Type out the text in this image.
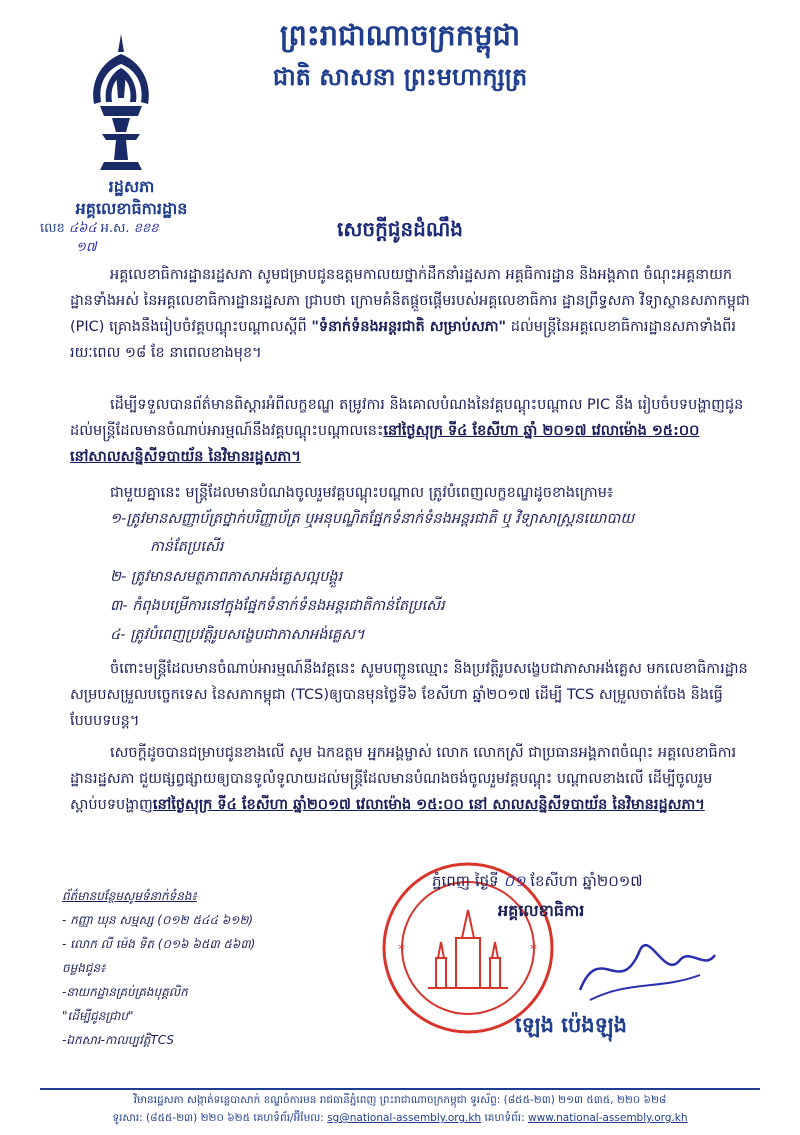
ព្រះរាជាណាចក្រកម្ពុជា
ជាតិ សាសនា ព្រះមហាក្សត្រ
រដ្ឋសភា
អគ្គលេខាធិការដ្ឋាន
លេខ ៤៦៤ អ.ស. ខខខ
១៧
សេចក្តីជូនដំណឹង
អគ្គលេខាធិការដ្ឋានរដ្ឋសភា សូមជម្រាបជូនឧត្តមកាលយថ្នាក់ដឹកនាំរដ្ឋសភា អគ្គធិការដ្ឋាន និងអង្គភាព ចំណុះអគ្គនាយកដ្ឋានទាំងអស់ នៃអគ្គលេខាធិការដ្ឋានរដ្ឋសភា ជ្រាបថា ក្រោមគំនិតផ្តួចផ្តើមរបស់អគ្គលេខាធិការ ដ្ឋានព្រឹទ្ធសភា វិទ្យាស្ថានសភាកម្ពុជា (PIC) គ្រោងនឹងរៀបចំវគ្គបណ្តុះបណ្តាលស្តីពី "ទំនាក់ទំនងអន្តរជាតិ សម្រាប់សភា" ដល់មន្ត្រីនៃអគ្គលេខាធិការដ្ឋានសភាទាំងពីរ រយៈពេល ១៨ ខែ នាពេលខាងមុខ។
ដើម្បីទទួលបានព័ត៌មានពិស្តារអំពីលក្ខខណ្ឌ តម្រូវការ និងគោលបំណងនៃវគ្គបណ្តុះបណ្តាល PIC នឹង រៀបចំបទបង្ហាញជូនដល់មន្ត្រីដែលមានចំណាប់អារម្មណ៍នឹងវគ្គបណ្តុះបណ្តាលនេះនៅថ្ងៃសុក្រ ទី៤ ខែសីហា ឆ្នាំ ២០១៧ វេលាម៉ោង ១៥:០០ នៅសាលសន្និសីទបាយ័ន នៃវិមានរដ្ឋសភា។
ជាមួយគ្នានេះ មន្ត្រីដែលមានបំណងចូលរួមវគ្គបណ្តុះបណ្តាល ត្រូវបំពេញលក្ខខណ្ឌដូចខាងក្រោម៖
១-ត្រូវមានសញ្ញាប័ត្រថ្នាក់បរិញ្ញាប័ត្រ ឬអនុបណ្ឌិតផ្នែកទំនាក់ទំនងអន្តរជាតិ ឬ វិទ្យាសាស្ត្រនយោបាយ
កាន់តែប្រសើរ
២- ត្រូវមានសមត្ថភាពភាសាអង់គ្លេសល្អបង្គួរ
៣- កំពុងបម្រើការនៅក្នុងផ្នែកទំនាក់ទំនងអន្តរជាតិកាន់តែប្រសើរ
៤- ត្រូវបំពេញប្រវត្តិរូបសង្ខេបជាភាសាអង់គ្លេស។
ចំពោះមន្ត្រីដែលមានចំណាប់អារម្មណ៍នឹងវគ្គនេះ សូមបញ្ជូនឈ្មោះ និងប្រវត្តិរូបសង្ខេបជាភាសាអង់គ្លេស មកលេខាធិការដ្ឋានសម្របសម្រួលបច្ចេកទេស នៃសភាកម្ពុជា (TCS)ឲ្យបានមុនថ្ងៃទី៦ ខែសីហា ឆ្នាំ២០១៧ ដើម្បី TCS សម្រួលចាត់ចែង និងធ្វើបែបបទបន្ត។
សេចក្តីដូចបានជម្រាបជូនខាងលើ សូម ឯកឧត្តម អ្នកអង្គម្ចាស់ លោក លោកស្រី ជាប្រធានអង្គភាពចំណុះ អគ្គលេខាធិការដ្ឋានរដ្ឋសភា ជួយផ្សព្វផ្សាយឲ្យបានទូលំទូលាយដល់មន្ត្រីដែលមានបំណងចង់ចូលរួមវគ្គបណ្តុះ បណ្តាលខាងលើ ដើម្បីចូលរួមស្តាប់បទបង្ហាញនៅថ្ងៃសុក្រ ទី៤ ខែសីហា ឆ្នាំ២០១៧ វេលាម៉ោង ១៥:០០ នៅ សាលសន្និសីទបាយ័ន នៃវិមានរដ្ឋសភា។
*	*
ភ្នំពេញ ថ្ងៃទី ០១ ខែសីហា ឆ្នាំ២០១៧
អគ្គលេខាធិការ
ឡេង ប៉េងឡុង
ព័ត៌មានបន្ថែមសូមទំនាក់ទំនង៖
- កញ្ញា ឃុន សម្មស្ស (០១២ ៥៤៤ ៦១២)
- លោក លី ម៉េង ទិត (០១៦ ៦៥៣ ៥៦៣)
ចម្លងជូន៖
-នាយកដ្ឋានគ្រប់គ្រងបុគ្គលិក
"ដើម្បីជូនជ្រាប"
-ឯកសារ-កាលប្បវត្តិTCS
វិមានរដ្ឋសភា សង្កាត់ទន្លេបាសាក់ ខណ្ឌចំការមន រាជធានីភ្នំពេញ ព្រះរាជាណាចក្រកម្ពុជា ទូរស័ព្ទ: (៨៥៥-២៣) ២១៣ ៥៣៥, ២២០ ៦២៨
ទូរសារ: (៨៥៥-២៣) ២២០ ៦២៥ គេហទំព័រ/អ៊ីមែល: sg@national-assembly.org.kh គេហទំព័រ: www.national-assembly.org.kh
